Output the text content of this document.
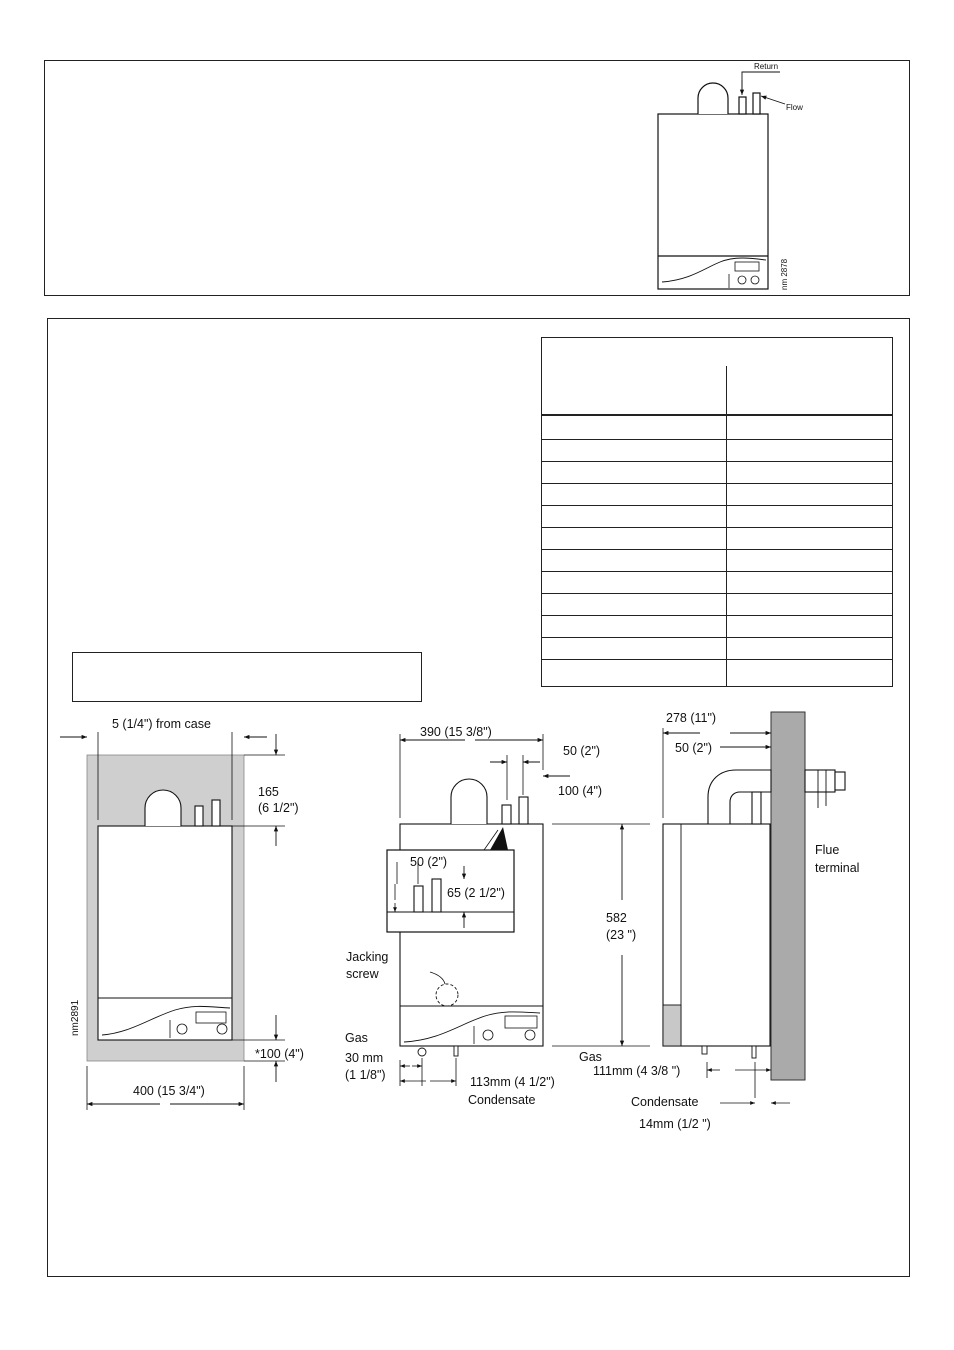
Return
Flow
nm 2878
5 (1/4") from case
165
(6 1/2")
*100 (4")
400 (15 3/4")
nm2891
390 (15 3/8")
50 (2")
100 (4")
50 (2")
65 (2 1/2")
582
(23 ")
Jacking
screw
Gas
30 mm
(1 1/8")	113mm (4 1/2")
Condensate
278 (11")
50 (2")
Flue
terminal
Gas
111mm (4 3/8 ")
Condensate
14mm (1/2 ")
